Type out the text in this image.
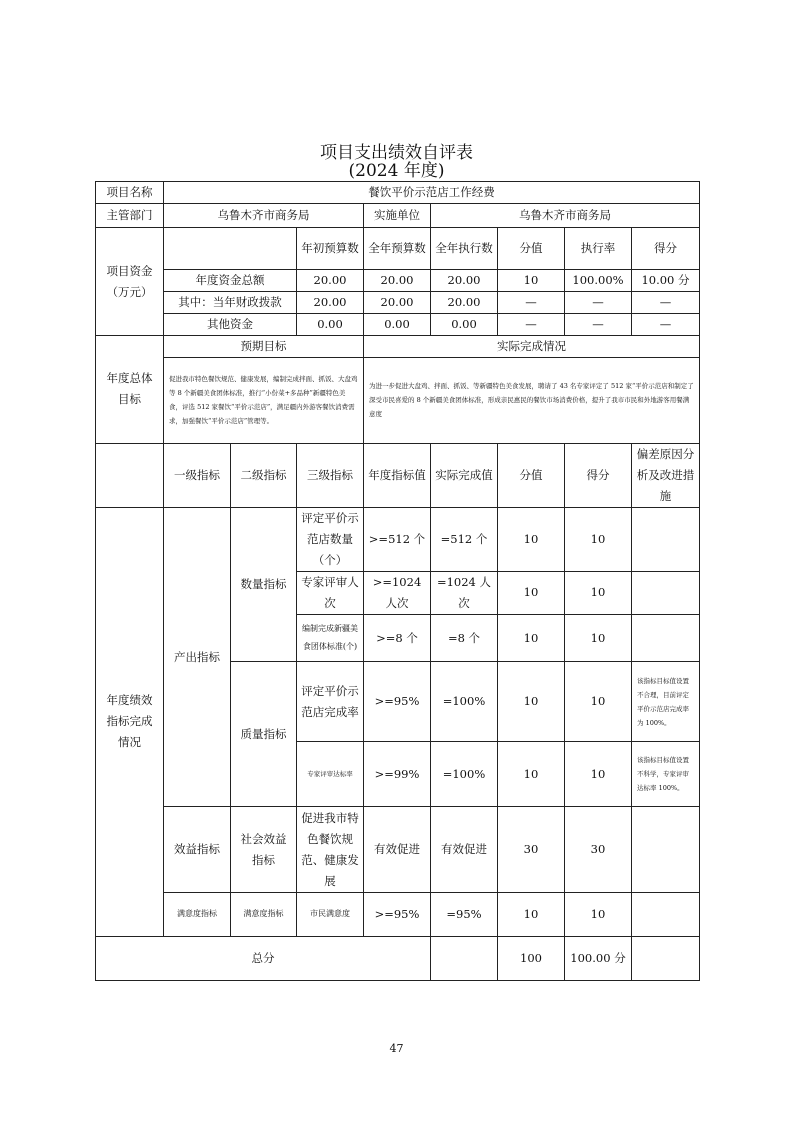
项目支出绩效自评表
(2024 年度)
项目名称	餐饮平价示范店工作经费							
主管部门	乌鲁木齐市商务局			实施单位	乌鲁木齐市商务局			
项目资金
（万元）			年初预算数	全年预算数	全年执行数	分值	执行率	得分
	年度资金总额		20.00	20.00	20.00	10	100.00%	10.00 分
	其中：当年财政拨款		20.00	20.00	20.00	—	—	—
	其他资金		0.00	0.00	0.00	—	—	—
年度总体
目标	预期目标			实际完成情况				
	促进我市特色餐饮规范、健康发展，编制完成拌面、抓饭、大盘鸡等 8 个新疆美食团体标准，推行“小份菜+多品种”新疆特色美食，评选 512 家餐饮“平价示范店”，满足疆内外游客餐饮消费需求，加强餐饮“平价示范店”管理等。			为进一步促进大盘鸡、拌面、抓饭、等新疆特色美食发展，聘请了 43 名专家评定了 512 家“平价示范店和制定了深受市民喜爱的 8 个新疆美食团体标准，形成亲民惠民的餐饮市场消费价格，提升了我市市民和外地游客用餐满意度				
	一级指标	二级指标	三级指标	年度指标值	实际完成值	分值	得分	偏差原因分析及改进措施
年度绩效
指标完成
情况	产出指标	数量指标	评定平价示范店数量（个）	>=512 个	=512 个	10	10	
			专家评审人次	>=1024 人次	=1024 人次	10	10	
			编制完成新疆美食团体标准(个)	>=8 个	=8 个	10	10	
		质量指标	评定平价示范店完成率	>=95%	=100%	10	10	该指标目标值设置不合理，目前评定平价示范店完成率为 100%。
			专家评审达标率	>=99%	=100%	10	10	该指标目标值设置不科学，专家评审达标率 100%。
	效益指标	社会效益
指标	促进我市特色餐饮规范、健康发展	有效促进	有效促进	30	30	
	满意度指标	满意度指标	市民满意度	>=95%	=95%	10	10	
总分						100	100.00 分	
47
